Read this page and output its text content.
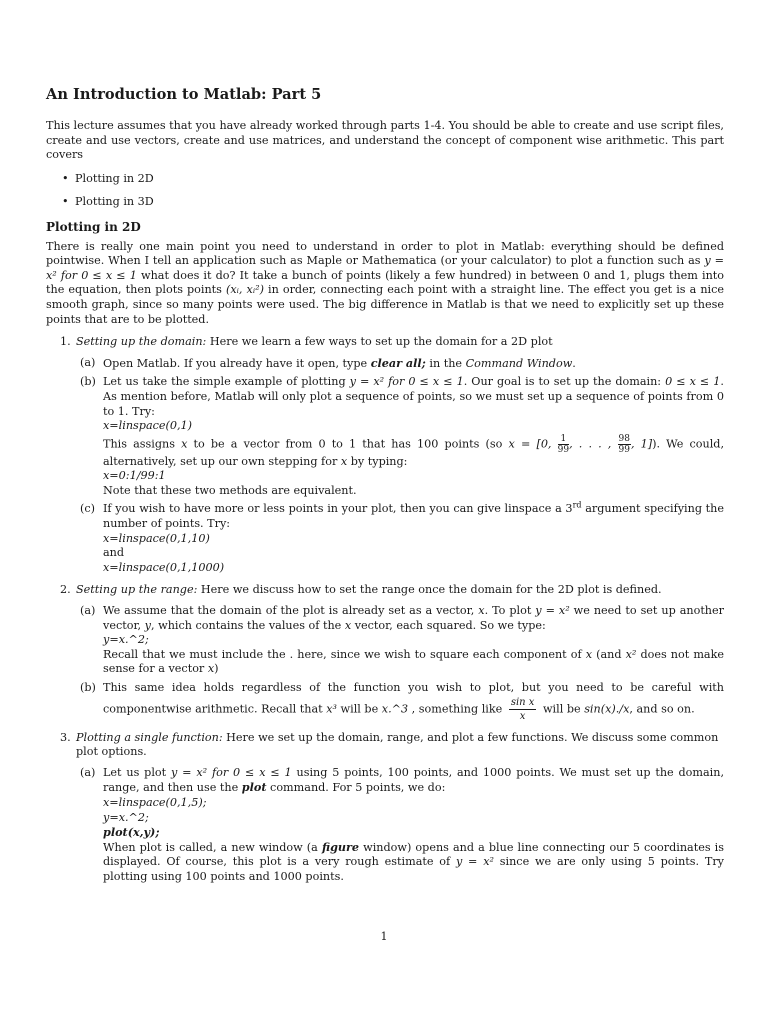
An Introduction to Matlab: Part 5

This lecture assumes that you have already worked through parts 1-4. You should be able to create and use script files, create and use vectors, create and use matrices, and understand the concept of component wise arithmetic. This part covers

• Plotting in 2D
• Plotting in 3D
Plotting in 2D

There is really one main point you need to understand in order to plot in Matlab: everything should be defined pointwise. When I tell an application such as Maple or Mathematica (or your calculator) to plot a function such as y = x² for 0 ≤ x ≤ 1 what does it do? It take a bunch of points (likely a few hundred) in between 0 and 1, plugs them into the equation, then plots points (xᵢ, xᵢ²) in order, connecting each point with a straight line. The effect you get is a nice smooth graph, since so many points were used. The big difference in Matlab is that we need to explicitly set up these points that are to be plotted.

1. Setting up the domain: Here we learn a few ways to set up the domain for a 2D plot
(a) Open Matlab. If you already have it open, type clear all; in the Command Window.
(b) Let us take the simple example of plotting y = x² for 0 ≤ x ≤ 1. Our goal is to set up the domain: 0 ≤ x ≤ 1. As mention before, Matlab will only plot a sequence of points, so we must set up a sequence of points from 0 to 1. Try:
x=linspace(0,1)
This assigns x to be a vector from 0 to 1 that has 100 points (so x = [0, $\frac{1}{99}$ , . . . , $\frac{98}{99}$ , 1]). We could, alternatively, set up our own stepping for x by typing:
x=0:1/99:1
Note that these two methods are equivalent.
(c) If you wish to have more or less points in your plot, then you can give linspace a 3rd argument specifying the number of points. Try:
x=linspace(0,1,10)
and
x=linspace(0,1,1000)
2. Setting up the range: Here we discuss how to set the range once the domain for the 2D plot is defined.
(a) We assume that the domain of the plot is already set as a vector, x. To plot y = x² we need to set up another vector, y, which contains the values of the x vector, each squared. So we type:
y=x.^2;
Recall that we must include the . here, since we wish to square each component of x (and x² does not make sense for a vector x)
(b) This same idea holds regardless of the function you wish to plot, but you need to be careful with componentwise arithmetic. Recall that x³ will be x.^3 , something like $\frac{\text{sin x}}{x}$ will be sin(x)./x, and so on.
3. Plotting a single function: Here we set up the domain, range, and plot a few functions. We discuss some common plot options.
(a) Let us plot y = x² for 0 ≤ x ≤ 1 using 5 points, 100 points, and 1000 points. We must set up the domain, range, and then use the plot command. For 5 points, we do:
x=linspace(0,1,5);
y=x.^2;
plot(x,y);
When plot is called, a new window (a figure window) opens and a blue line connecting our 5 coordinates is displayed. Of course, this plot is a very rough estimate of y = x² since we are only using 5 points. Try plotting using 100 points and 1000 points.
1
